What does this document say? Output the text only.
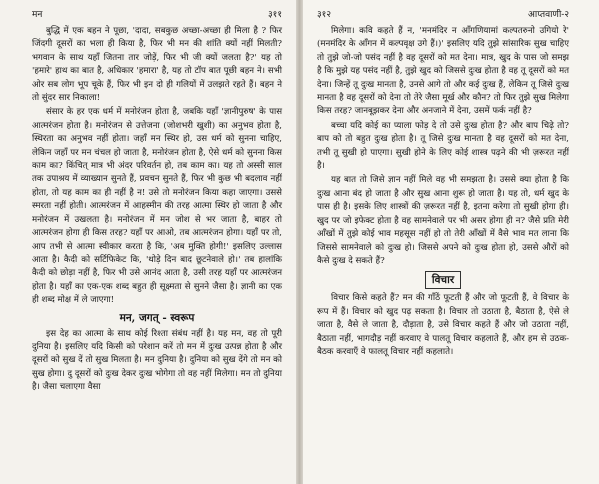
मन	३११

बुद्धि में एक बहन ने पूछा, 'दादा, सबकुछ अच्छा-अच्छा ही मिला है ? फिर जिंदगी दूसरों का भला ही किया है, फिर भी मन की शांति क्यों नहीं मिलती? भगवान के साथ यहाँ जितना तार जोड़ें, फिर भी जी क्यों जलता है?' यह तो 'हमारे' हाथ का बात है, अधिकार 'हमारा' है, यह तो टॉप बात पूछी बहन ने। सभी ओर सब लोग भूप चूके हैं, फिर भी इन दो ही गलियों में उलझते रहते हैं। बहन ने तो सुंदर सार निकाला!

संसार के हर एक धर्म में मनोरंजन होता है, जबकि यहाँ 'ज्ञानीपुरुष' के पास आत्मरंजन होता है। मनोरंजन से उत्तेजना (जोशभरी खुशी) का अनुभव होता है, स्थिरता का अनुभव नहीं होता। जहाँ मन स्थिर हो, उस धर्म को सुनना चाहिए, लेकिन जहाँ पर मन चंचल हो जाता है, मनोरंजन होता है, ऐसे धर्म को सुनना किस काम का? किंचित् मात्र भी अंदर परिवर्तन हो, तब काम का। यह तो अस्सी साल तक उपाश्रय में व्याख्यान सुनते हैं, प्रवचन सुनते हैं, फिर भी कुछ भी बदलाव नहीं होता, तो यह काम का ही नहीं है न! उसे तो मनोरंजन किया कहा जाएगा। उससे स्मरता नहीं होती। आत्मरंजन में आहस्मीन की तरह आत्मा स्थिर हो जाता है और मनोरंजन में उखलता है। मनोरंजन में मन जोश से भर जाता है, बाहर तो आत्मरंजन होगा ही किस तरह? यहाँ पर आओ, तब आत्मरंजन होगा। यहाँ पर तो, आप तभी से आत्मा स्वीकार करता है कि, 'अब मुक्ति होगी!' इसलिए उल्लास आता है। कैदी को सर्टिफिकेट कि, 'थोड़े दिन बाद छूटनेवाले हो।' तब हालांकि कैदी को छोड़ा नहीं है, फिर भी उसे आनंद आता है, उसी तरह यहाँ पर आत्मरंजन होता है। यहाँ का एक-एक शब्द बहुत ही सूक्ष्मता से सुनने जैसा है। ज्ञानी का एक ही शब्द मोक्ष में ले जाएगा!

मन, जगत् - स्वरूप

इस देह का आत्मा के साथ कोई रिश्ता संबंध नहीं है। यह मन, वह तो पूरी दुनिया है। इसलिए यदि किसी को परेशान करें तो मन में दुःख उत्पन्न होता है और दूसरों को सुख दें तो सुख मिलता है। मन दुनिया है। दुनिया को सुख देंगे तो मन को सुख होगा। दु दूसरों को दुःख देकर दुःख भोगेगा तो वह नहीं मिलेगा। मन तो दुनिया है। जैसा चलाएगा वैसा

३१२	आप्तवाणी-२

मिलेगा। कवि कहते हैं न, 'मनमंदिर न आँगणियामां कल्पतरुनो उगियो रे' (मनमंदिर के आँगन में कल्पवृक्ष उगे हैं।)' इसलिए यदि तुझे सांसारिक सुख चाहिए तो तुझे जो-जो पसंद नहीं है वह दूसरों को मत देना। मात्र, खुद के पास जो समझ है कि मुझे यह पसंद नहीं है, तुझे खुद को जिससे दुःख होता है वह तू दूसरों को मत देना। जिन्हें तू दुःख मानता है, उनसे आगे तो और कई दुःख हैं, लेकिन तू जिसे दुःख मानता है वह दूसरों को देना तो तेरे जैसा मूर्ख और कौन? तो फिर तुझे सुख मिलेगा किस तरह? जानबूझकर देना और अनजाने में देना, उसमें फर्क नहीं है?

बच्चा यदि कोई का प्याला फोड़ दे तो उसे दुःख होता है? और बाप चिढ़े तो? बाप को तो बहुत दुःख होता है। तू जिसे दुःख मानता है वह दूसरों को मत देना, तभी तू सुखी हो पाएगा। सुखी होने के लिए कोई शास्त्र पढ़ने की भी ज़रूरत नहीं है।

यह बात तो जिसे ज्ञान नहीं मिले वह भी समझता है। उससे क्या होता है कि दुःख आना बंद हो जाता है और सुख आना शुरू हो जाता है। यह तो, धर्म खुद के पास ही है। इसके लिए शास्त्रों की ज़रूरत नहीं है, इतना करेगा तो सुखी होगा ही। खुद पर जो इफेक्ट होता है वह सामनेवाले पर भी असर होगा ही न? जैसे प्रति मेरी आँखों में तुझे कोई भाव महसूस नहीं हो तो तेरी आँखों में वैसे भाव मत लाना कि जिससे सामनेवाले को दुःख हो। जिससे अपने को दुःख होता हो, उससे औरों को कैसे दुःख दे सकते हैं?

विचार

विचार किसे कहते हैं? मन की गाँठें फूटती हैं और जो फूटती हैं, वे विचार के रूप में हैं। विचार को खुद पढ़ सकता है। विचार तो उठाता है, बैठाता है, ऐसे ले जाता है, वैसे ले जाता है, दौड़ाता है, उसे विचार कहते हैं और जो उठाता नहीं, बैठाता नहीं, भागदौड़ नहीं करवाए वे पालतू विचार कहलाते हैं, और हम से उठक-बैठक करवाएँ वे फालतू विचार नहीं कहलाते।
